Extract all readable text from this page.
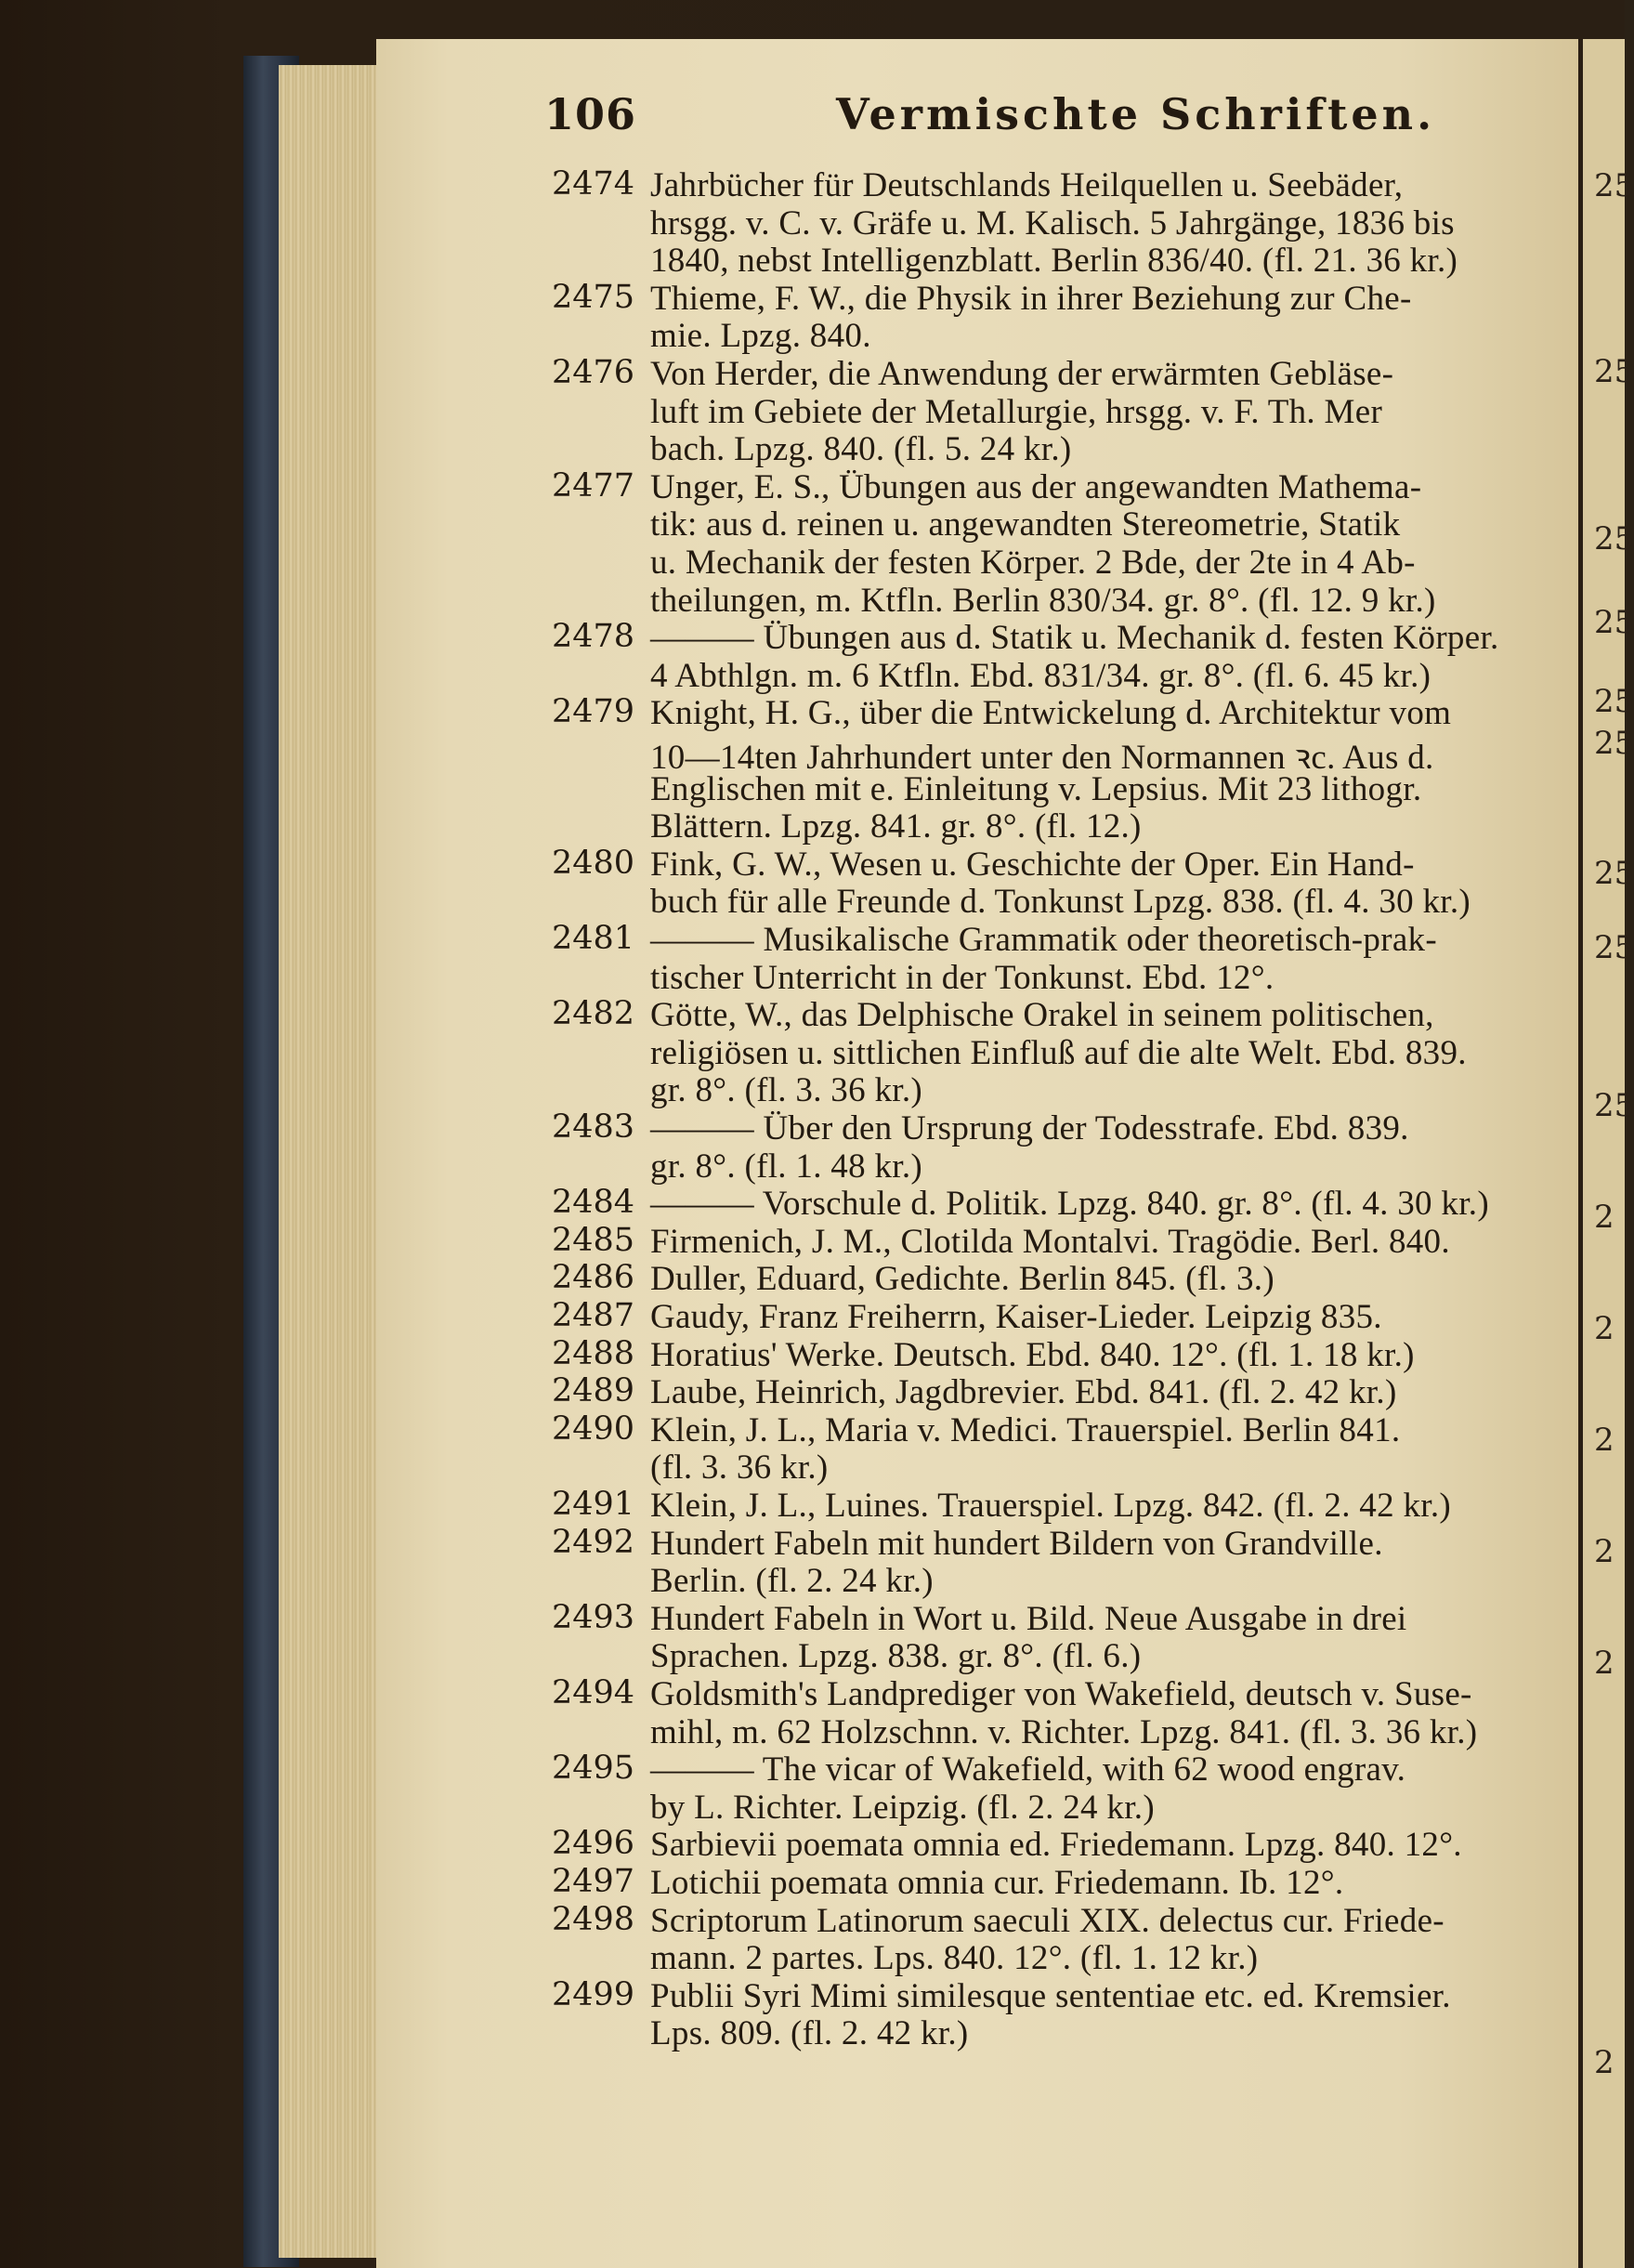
25
25
25
25
25
25
25
25
25
2
2
2
2
2
2
106	Vermischte Schriften.
2474 Jahrbücher für Deutschlands Heilquellen u. Seebäder,
hrsgg. v. C. v. Gräfe u. M. Kalisch. 5 Jahrgänge, 1836 bis
1840, nebst Intelligenzblatt. Berlin 836/40. (fl. 21. 36 kr.)
2475 Thieme, F. W., die Physik in ihrer Beziehung zur Che-
mie. Lpzg. 840.
2476 Von Herder, die Anwendung der erwärmten Gebläse-
luft im Gebiete der Metallurgie, hrsgg. v. F. Th. Mer
bach. Lpzg. 840. (fl. 5. 24 kr.)
2477 Unger, E. S., Übungen aus der angewandten Mathema-
tik: aus d. reinen u. angewandten Stereometrie, Statik
u. Mechanik der festen Körper. 2 Bde, der 2te in 4 Ab-
theilungen, m. Ktfln. Berlin 830/34. gr. 8°. (fl. 12. 9 kr.)
2478 ——— Übungen aus d. Statik u. Mechanik d. festen Körper.
4 Abthlgn. m. 6 Ktfln. Ebd. 831/34. gr. 8°. (fl. 6. 45 kr.)
2479 Knight, H. G., über die Entwickelung d. Architektur vom
10—14ten Jahrhundert unter den Normannen ꝛc. Aus d.
Englischen mit e. Einleitung v. Lepsius. Mit 23 lithogr.
Blättern. Lpzg. 841. gr. 8°. (fl. 12.)
2480 Fink, G. W., Wesen u. Geschichte der Oper. Ein Hand-
buch für alle Freunde d. Tonkunst Lpzg. 838. (fl. 4. 30 kr.)
2481 ——— Musikalische Grammatik oder theoretisch-prak-
tischer Unterricht in der Tonkunst. Ebd. 12°.
2482 Götte, W., das Delphische Orakel in seinem politischen,
religiösen u. sittlichen Einfluß auf die alte Welt. Ebd. 839.
gr. 8°. (fl. 3. 36 kr.)
2483 ——— Über den Ursprung der Todesstrafe. Ebd. 839.
gr. 8°. (fl. 1. 48 kr.)
2484 ——— Vorschule d. Politik. Lpzg. 840. gr. 8°. (fl. 4. 30 kr.)
2485 Firmenich, J. M., Clotilda Montalvi. Tragödie. Berl. 840.
2486 Duller, Eduard, Gedichte. Berlin 845. (fl. 3.)
2487 Gaudy, Franz Freiherrn, Kaiser-Lieder. Leipzig 835.
2488 Horatius' Werke. Deutsch. Ebd. 840. 12°. (fl. 1. 18 kr.)
2489 Laube, Heinrich, Jagdbrevier. Ebd. 841. (fl. 2. 42 kr.)
2490 Klein, J. L., Maria v. Medici. Trauerspiel. Berlin 841.
(fl. 3. 36 kr.)
2491 Klein, J. L., Luines. Trauerspiel. Lpzg. 842. (fl. 2. 42 kr.)
2492 Hundert Fabeln mit hundert Bildern von Grandville.
Berlin. (fl. 2. 24 kr.)
2493 Hundert Fabeln in Wort u. Bild. Neue Ausgabe in drei
Sprachen. Lpzg. 838. gr. 8°. (fl. 6.)
2494 Goldsmith's Landprediger von Wakefield, deutsch v. Suse-
mihl, m. 62 Holzschnn. v. Richter. Lpzg. 841. (fl. 3. 36 kr.)
2495 ——— The vicar of Wakefield, with 62 wood engrav.
by L. Richter. Leipzig. (fl. 2. 24 kr.)
2496 Sarbievii poemata omnia ed. Friedemann. Lpzg. 840. 12°.
2497 Lotichii poemata omnia cur. Friedemann. Ib. 12°.
2498 Scriptorum Latinorum saeculi XIX. delectus cur. Friede-
mann. 2 partes. Lps. 840. 12°. (fl. 1. 12 kr.)
2499 Publii Syri Mimi similesque sententiae etc. ed. Kremsier.
Lps. 809. (fl. 2. 42 kr.)
